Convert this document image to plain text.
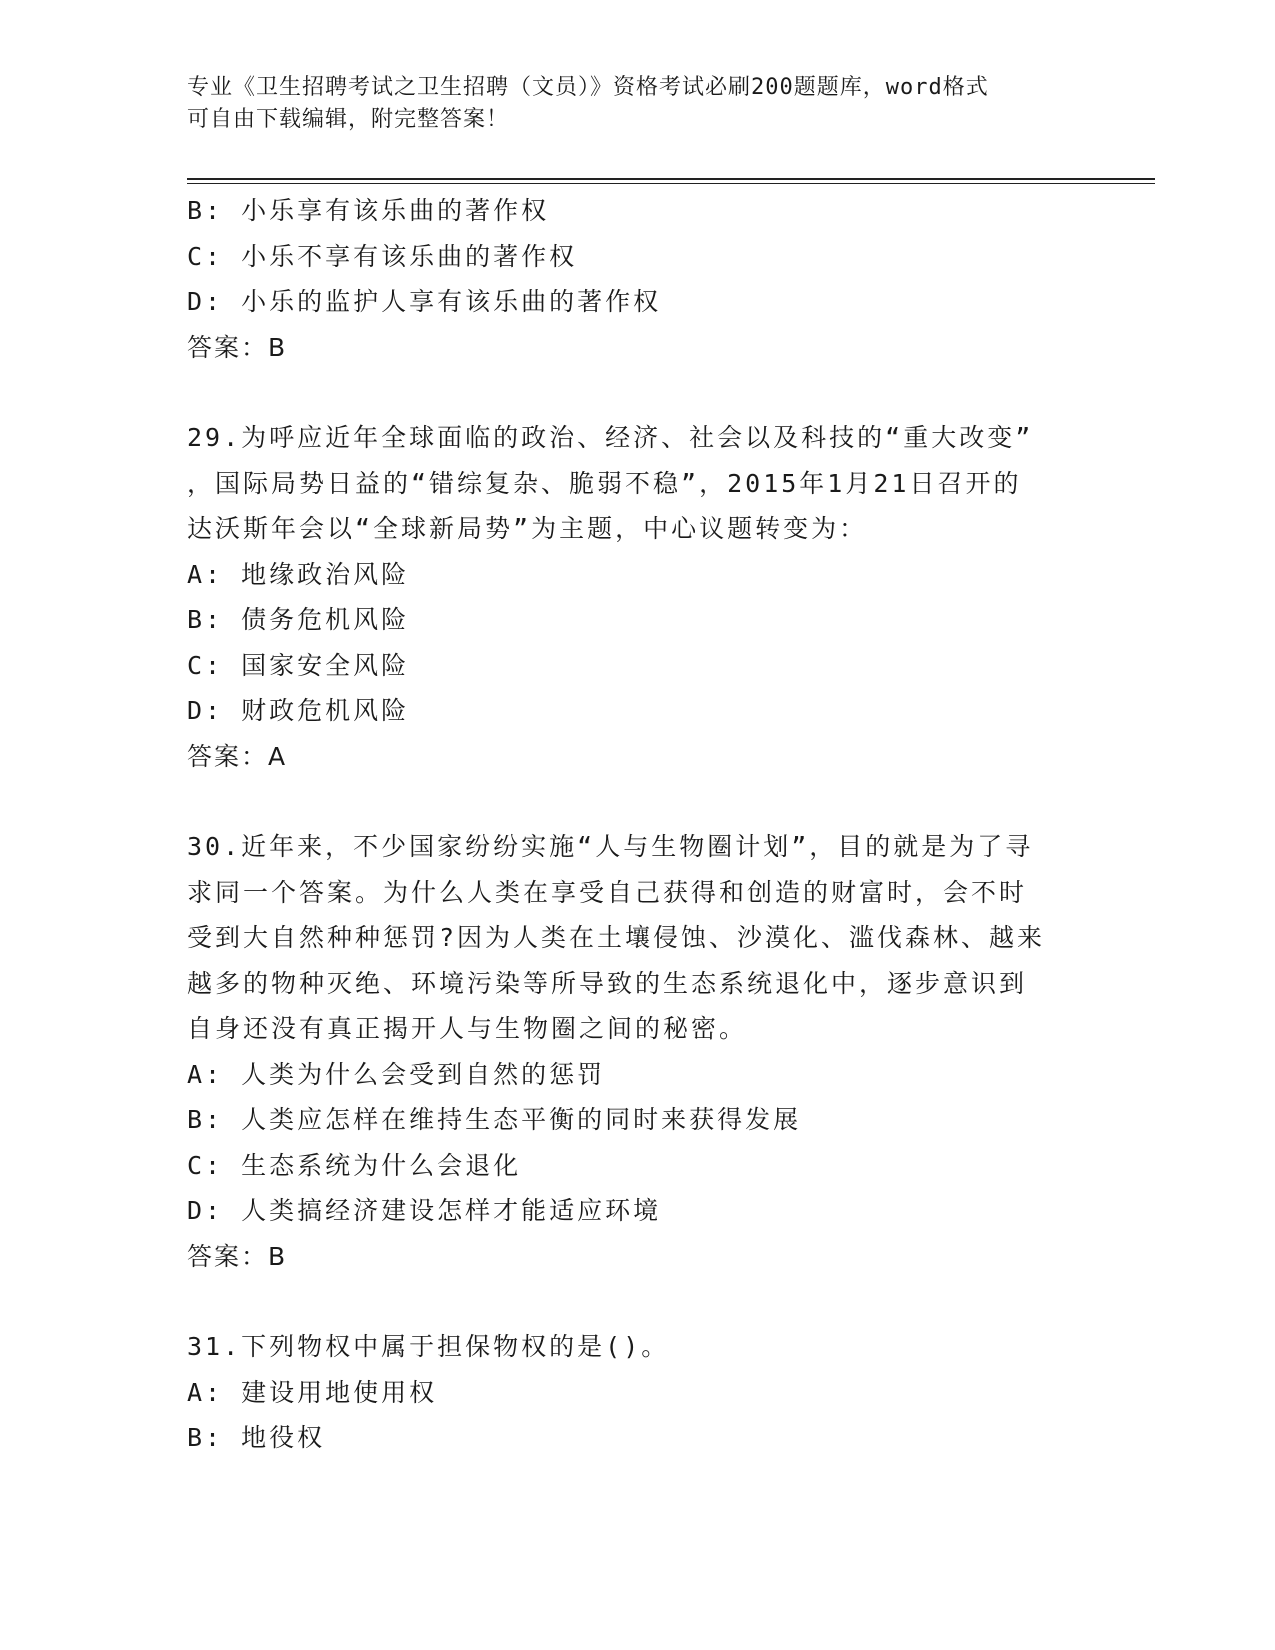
专业《卫生招聘考试之卫生招聘（文员）》资格考试必刷200题题库，word格式
可自由下载编辑，附完整答案！
B: 小乐享有该乐曲的著作权
C: 小乐不享有该乐曲的著作权
D: 小乐的监护人享有该乐曲的著作权
答案：B
29.为呼应近年全球面临的政治、经济、社会以及科技的“重大改变”
，国际局势日益的“错综复杂、脆弱不稳”，2015年1月21日召开的
达沃斯年会以“全球新局势”为主题，中心议题转变为：
A: 地缘政治风险
B: 债务危机风险
C: 国家安全风险
D: 财政危机风险
答案：A
30.近年来，不少国家纷纷实施“人与生物圈计划”，目的就是为了寻
求同一个答案。为什么人类在享受自己获得和创造的财富时，会不时
受到大自然种种惩罚?因为人类在土壤侵蚀、沙漠化、滥伐森林、越来
越多的物种灭绝、环境污染等所导致的生态系统退化中，逐步意识到
自身还没有真正揭开人与生物圈之间的秘密。
A: 人类为什么会受到自然的惩罚
B: 人类应怎样在维持生态平衡的同时来获得发展
C: 生态系统为什么会退化
D: 人类搞经济建设怎样才能适应环境
答案：B
31.下列物权中属于担保物权的是()。
A: 建设用地使用权
B: 地役权
